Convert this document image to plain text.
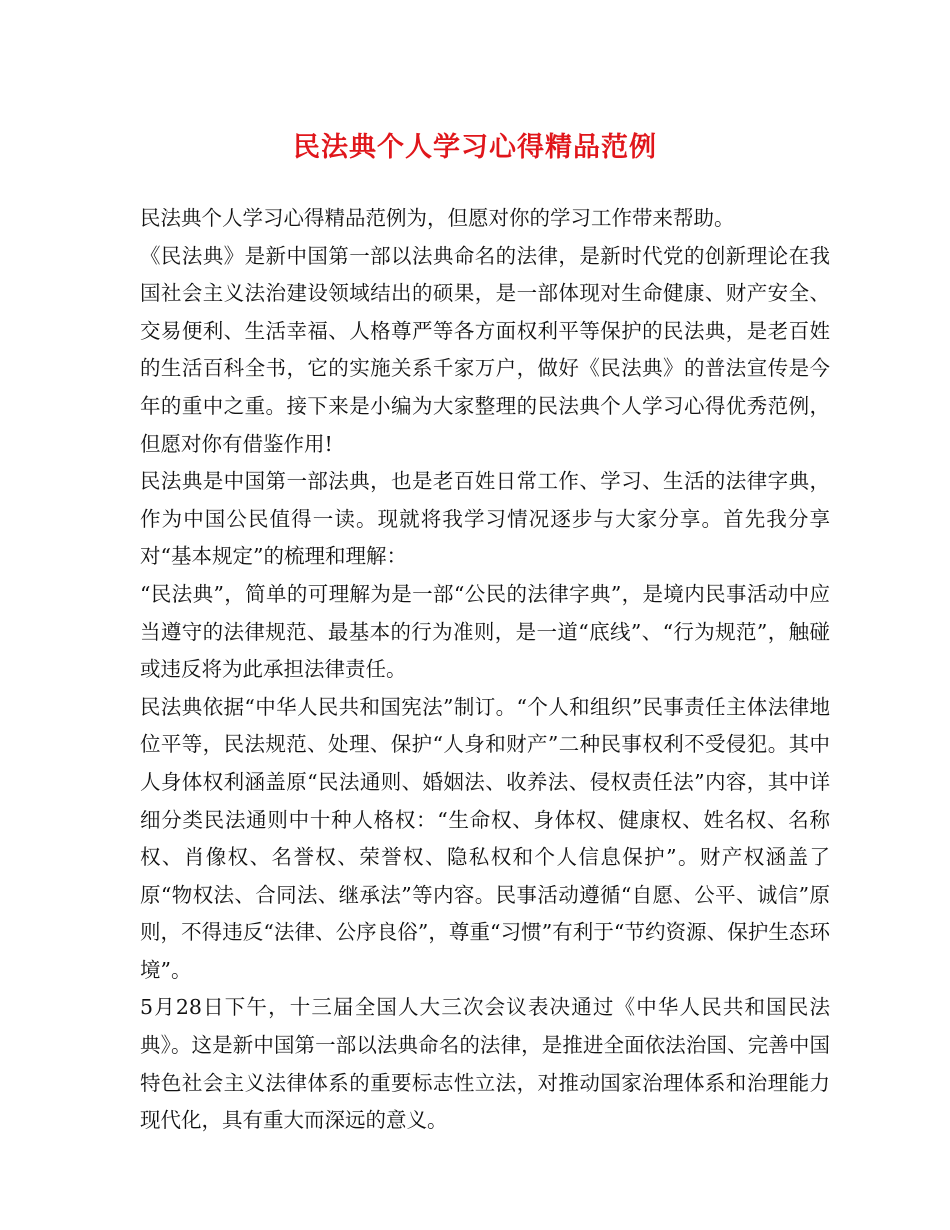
民法典个人学习心得精品范例

民法典个人学习心得精品范例为，但愿对你的学习工作带来帮助。

《民法典》是新中国第一部以法典命名的法律，是新时代党的创新理论在我国社会主义法治建设领域结出的硕果，是一部体现对生命健康、财产安全、交易便利、生活幸福、人格尊严等各方面权利平等保护的民法典，是老百姓的生活百科全书，它的实施关系千家万户，做好《民法典》的普法宣传是今年的重中之重。接下来是小编为大家整理的民法典个人学习心得优秀范例，但愿对你有借鉴作用!

民法典是中国第一部法典，也是老百姓日常工作、学习、生活的法律字典，作为中国公民值得一读。现就将我学习情况逐步与大家分享。首先我分享对“基本规定”的梳理和理解：

“民法典”，简单的可理解为是一部“公民的法律字典”，是境内民事活动中应当遵守的法律规范、最基本的行为准则，是一道“底线”、“行为规范”，触碰或违反将为此承担法律责任。

民法典依据“中华人民共和国宪法”制订。“个人和组织”民事责任主体法律地位平等，民法规范、处理、保护“人身和财产”二种民事权利不受侵犯。其中人身体权利涵盖原“民法通则、婚姻法、收养法、侵权责任法”内容，其中详细分类民法通则中十种人格权：“生命权、身体权、健康权、姓名权、名称权、肖像权、名誉权、荣誉权、隐私权和个人信息保护”。财产权涵盖了原“物权法、合同法、继承法”等内容。民事活动遵循“自愿、公平、诚信”原则，不得违反“法律、公序良俗”，尊重“习惯”有利于“节约资源、保护生态环境”。

5月28日下午，十三届全国人大三次会议表决通过《中华人民共和国民法典》。这是新中国第一部以法典命名的法律，是推进全面依法治国、完善中国特色社会主义法律体系的重要标志性立法，对推动国家治理体系和治理能力现代化，具有重大而深远的意义。
